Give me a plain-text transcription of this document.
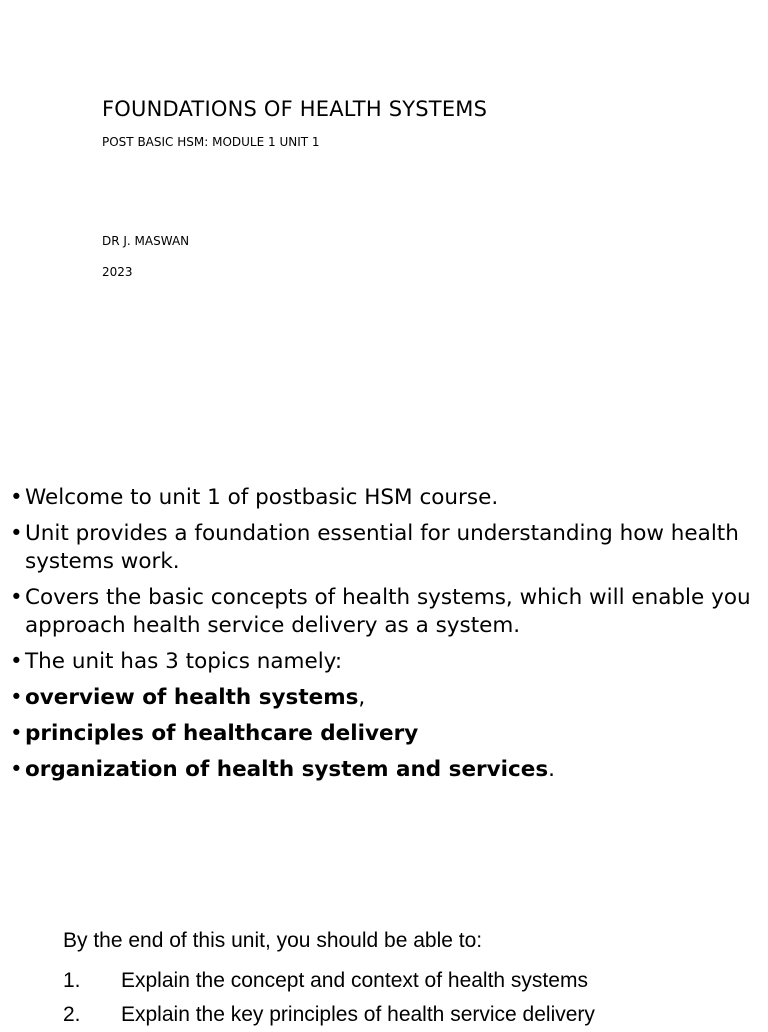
FOUNDATIONS OF HEALTH SYSTEMS
POST BASIC HSM: MODULE 1 UNIT 1
DR J. MASWAN
2023
• Welcome to unit 1 of postbasic HSM course.
• Unit provides a foundation essential for understanding how health systems work.
• Covers the basic concepts of health systems, which will enable you approach health service delivery as a system.
• The unit has 3 topics namely:
• overview of health systems,
• principles of healthcare delivery
• organization of health system and services.
By the end of this unit, you should be able to:
1. Explain the concept and context of health systems
2. Explain the key principles of health service delivery
